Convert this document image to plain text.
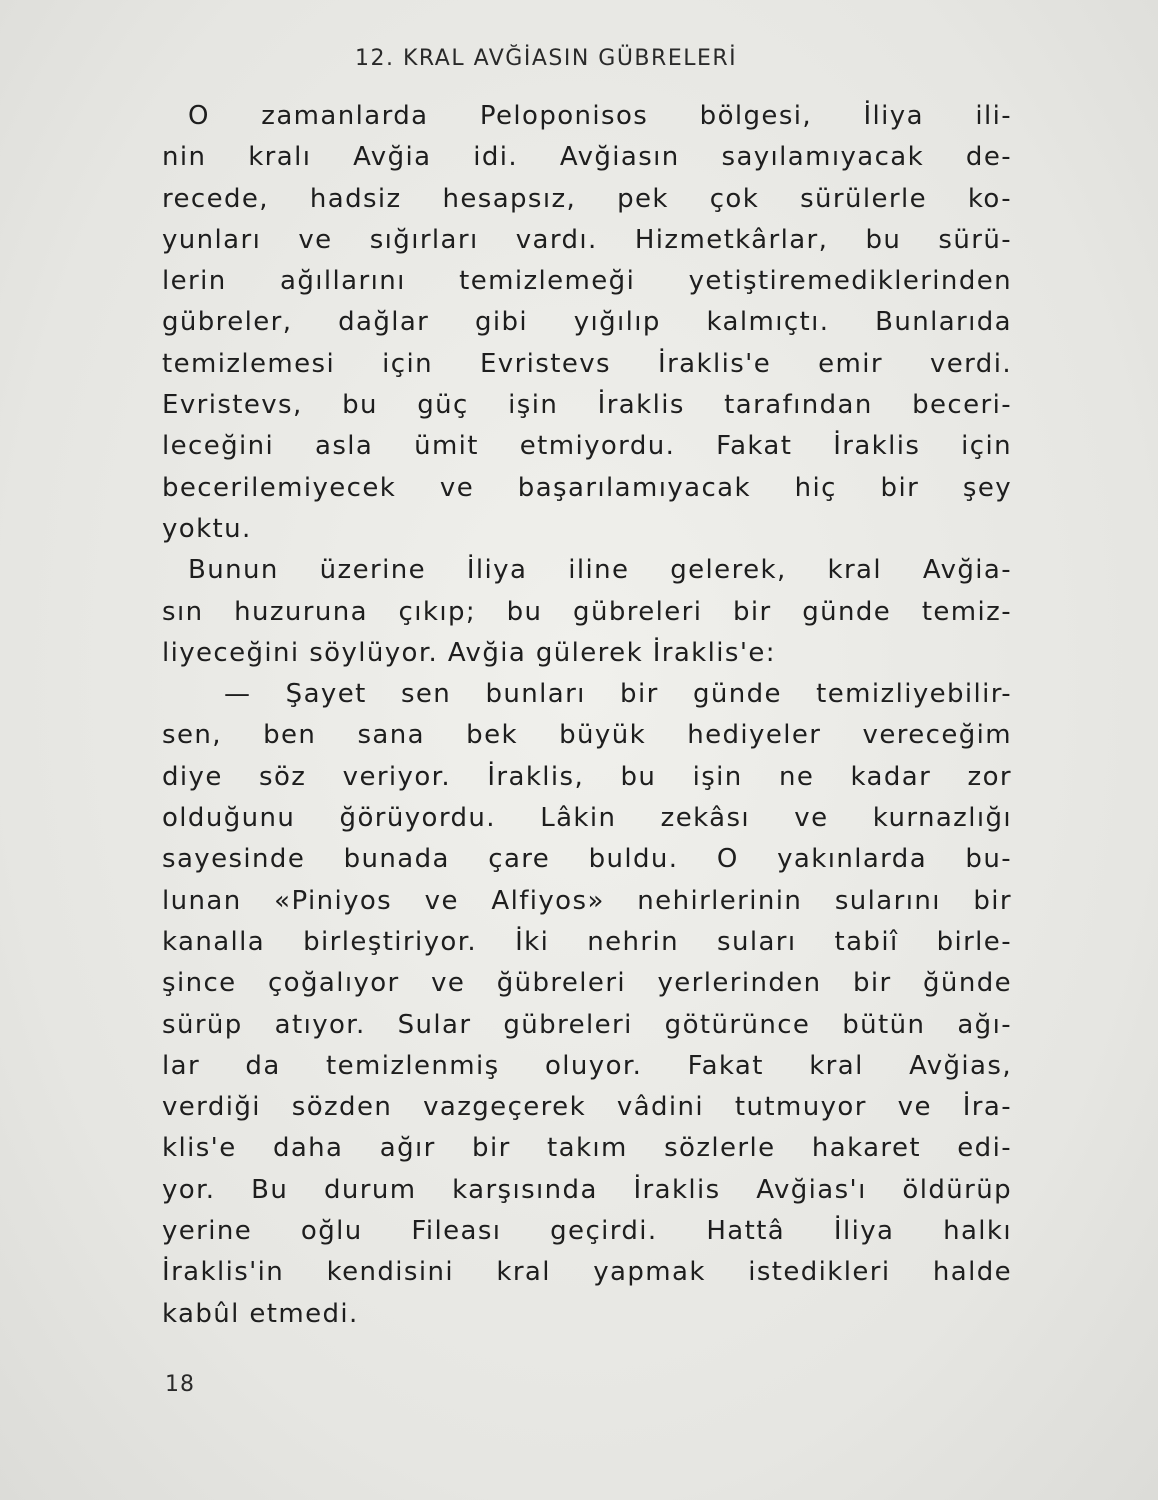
12. KRAL AVĞİASIN GÜBRELERİ
O zamanlarda Peloponisos bölgesi, İliya ili-
nin kralı Avğia idi. Avğiasın sayılamıyacak de-
recede, hadsiz hesapsız, pek çok sürülerle ko-
yunları ve sığırları vardı. Hizmetkârlar, bu sürü-
lerin ağıllarını temizlemeği yetiştiremediklerinden
gübreler, dağlar gibi yığılıp kalmıçtı. Bunlarıda
temizlemesi için Evristevs İraklis'e emir verdi.
Evristevs, bu güç işin İraklis tarafından beceri-
leceğini asla ümit etmiyordu. Fakat İraklis için
becerilemiyecek ve başarılamıyacak hiç bir şey
yoktu.
Bunun üzerine İliya iline gelerek, kral Avğia-
sın huzuruna çıkıp; bu gübreleri bir günde temiz-
liyeceğini söylüyor. Avğia gülerek İraklis'e:
— Şayet sen bunları bir günde temizliyebilir-
sen, ben sana bek büyük hediyeler vereceğim
diye söz veriyor. İraklis, bu işin ne kadar zor
olduğunu ğörüyordu. Lâkin zekâsı ve kurnazlığı
sayesinde bunada çare buldu. O yakınlarda bu-
lunan «Piniyos ve Alfiyos» nehirlerinin sularını bir
kanalla birleştiriyor. İki nehrin suları tabiî birle-
şince çoğalıyor ve ğübreleri yerlerinden bir ğünde
sürüp atıyor. Sular gübreleri götürünce bütün ağı-
lar da temizlenmiş oluyor. Fakat kral Avğias,
verdiği sözden vazgeçerek vâdini tutmuyor ve İra-
klis'e daha ağır bir takım sözlerle hakaret edi-
yor. Bu durum karşısında İraklis Avğias'ı öldürüp
yerine oğlu Fileası geçirdi. Hattâ İliya halkı
İraklis'in kendisini kral yapmak istedikleri halde
kabûl etmedi.
18
